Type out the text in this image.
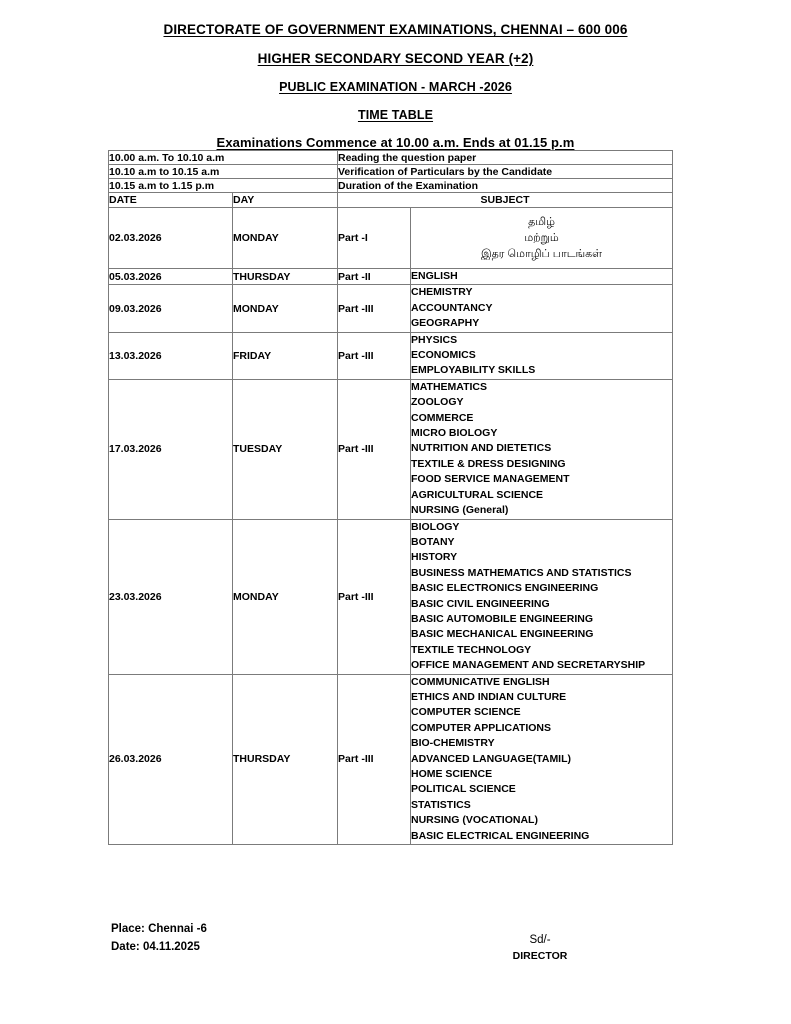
DIRECTORATE OF GOVERNMENT EXAMINATIONS, CHENNAI – 600 006
HIGHER SECONDARY SECOND YEAR (+2)
PUBLIC EXAMINATION - MARCH -2026
TIME TABLE
Examinations Commence at 10.00 a.m. Ends at 01.15 p.m
10.00 a.m. To 10.10 a.m		Reading the question paper	
10.10 a.m to 10.15 a.m		Verification of Particulars by the Candidate	
10.15 a.m to 1.15 p.m		Duration of the Examination	
DATE	DAY	SUBJECT	
02.03.2026	MONDAY	Part -I	தமிழ்
மற்றும்
இதர மொழிப் பாடங்கள்

05.03.2026	THURSDAY	Part -II	ENGLISH

09.03.2026	MONDAY	Part -III	CHEMISTRY
ACCOUNTANCY
GEOGRAPHY

13.03.2026	FRIDAY	Part -III	PHYSICS
ECONOMICS
EMPLOYABILITY SKILLS

17.03.2026	TUESDAY	Part -III	
MATHEMATICS
ZOOLOGY
COMMERCE
MICRO BIOLOGY
NUTRITION AND DIETETICS
TEXTILE & DRESS DESIGNING
FOOD SERVICE MANAGEMENT
AGRICULTURAL SCIENCE
NURSING (General)

23.03.2026	MONDAY	Part -III	
BIOLOGY
BOTANY
HISTORY
BUSINESS MATHEMATICS AND STATISTICS
BASIC ELECTRONICS ENGINEERING
BASIC CIVIL ENGINEERING
BASIC AUTOMOBILE ENGINEERING
BASIC MECHANICAL ENGINEERING
TEXTILE TECHNOLOGY
OFFICE MANAGEMENT AND SECRETARYSHIP

26.03.2026	THURSDAY	Part -III	
COMMUNICATIVE ENGLISH
ETHICS AND INDIAN CULTURE
COMPUTER SCIENCE
COMPUTER APPLICATIONS
BIO-CHEMISTRY
ADVANCED LANGUAGE(TAMIL)
HOME SCIENCE
POLITICAL SCIENCE
STATISTICS
NURSING (VOCATIONAL)
BASIC ELECTRICAL ENGINEERING
Place: Chennai -6
Date: 04.11.2025
Sd/-
DIRECTOR
